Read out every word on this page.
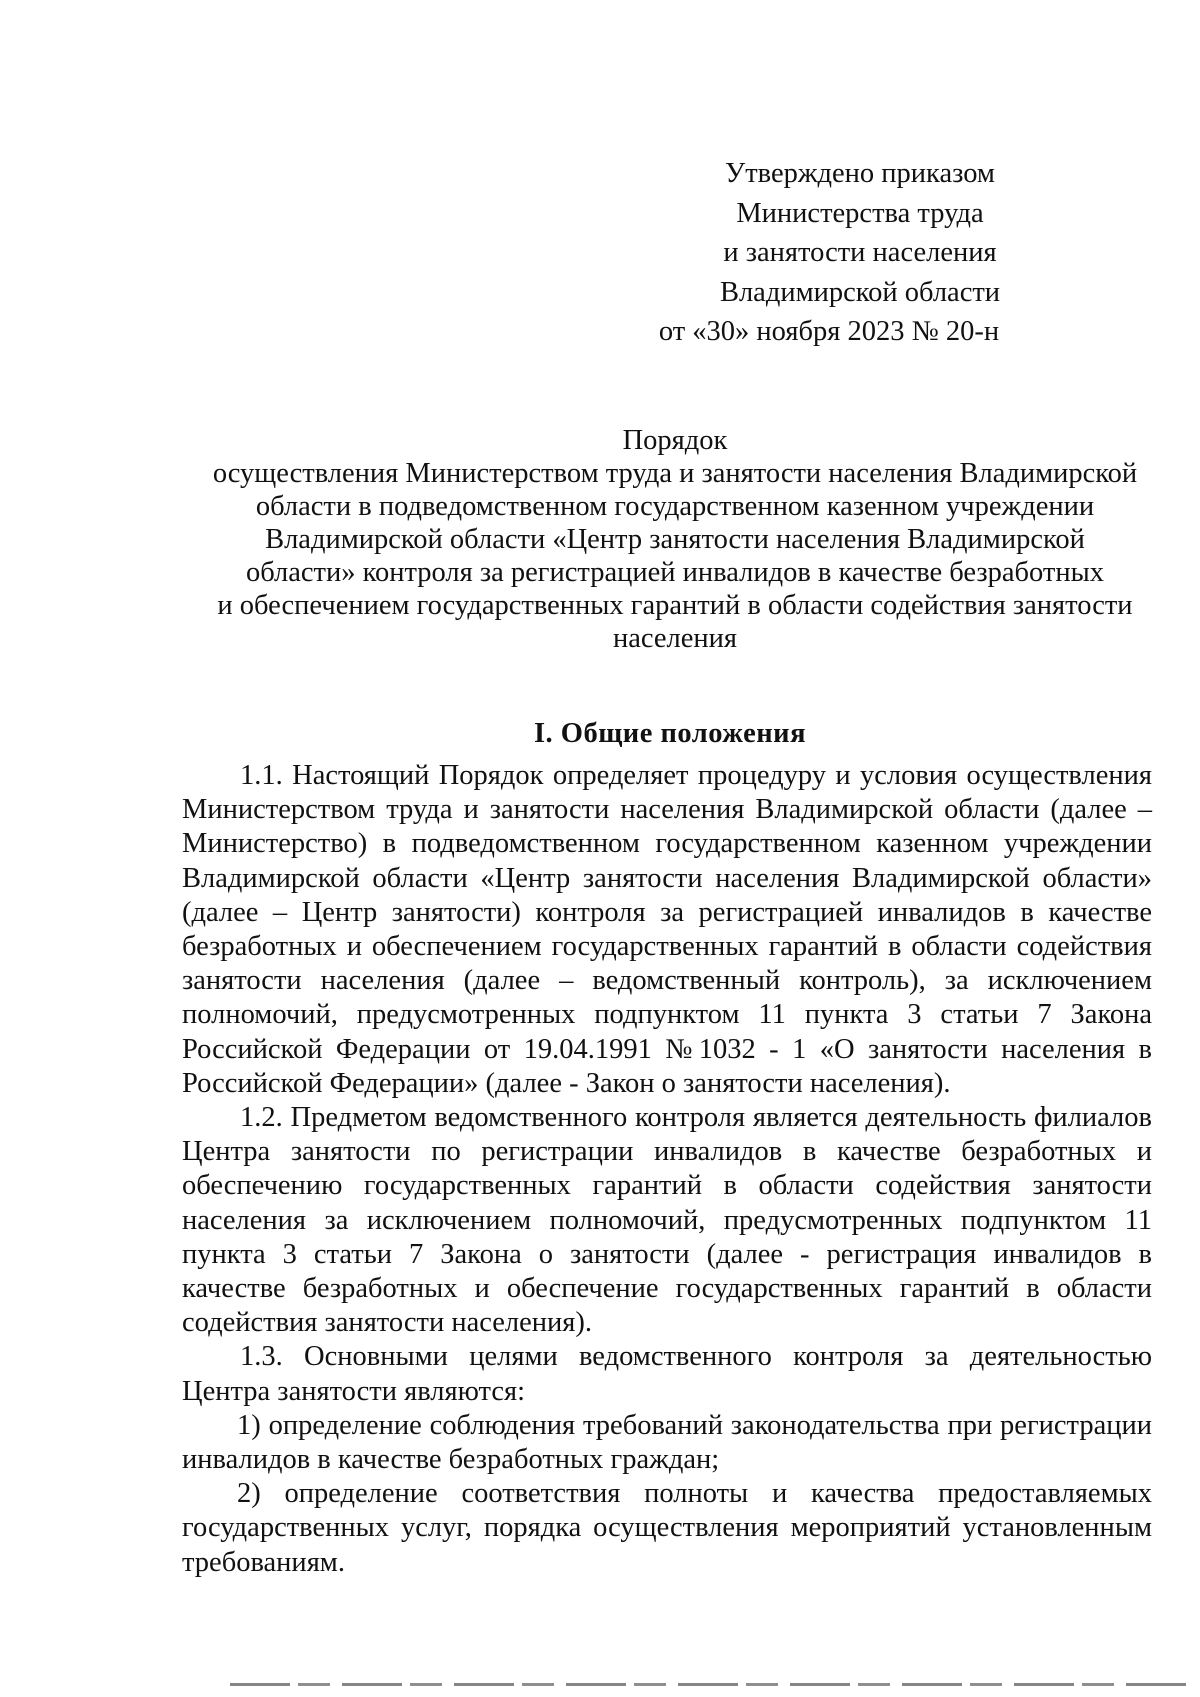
Утверждено приказом
Министерства труда
и занятости населения
Владимирской области
от «30» ноября 2023 № 20-н
Порядок
осуществления Министерством труда и занятости населения Владимирской
области в подведомственном государственном казенном учреждении
Владимирской области «Центр занятости населения Владимирской
области» контроля за регистрацией инвалидов в качестве безработных
и обеспечением государственных гарантий в области содействия занятости
населения
I. Общие положения

1.1. Настоящий Порядок определяет процедуру и условия осуществления Министерством труда и занятости населения Владимирской области (далее – Министерство) в подведомственном государственном казенном учреждении Владимирской области «Центр занятости населения Владимирской области» (далее – Центр занятости) контроля за регистрацией инвалидов в качестве безработных и обеспечением государственных гарантий в области содействия занятости населения (далее – ведомственный контроль), за исключением полномочий, предусмотренных подпунктом 11 пункта 3 статьи 7 Закона Российской Федерации от 19.04.1991 №1032 - 1 «О занятости населения в Российской Федерации» (далее - Закон о занятости населения).

1.2. Предметом ведомственного контроля является деятельность филиалов Центра занятости по регистрации инвалидов в качестве безработных и обеспечению государственных гарантий в области содействия занятости населения за исключением полномочий, предусмотренных подпунктом 11 пункта 3 статьи 7 Закона о занятости (далее - регистрация инвалидов в качестве безработных и обеспечение государственных гарантий в области содействия занятости населения).

1.3. Основными целями ведомственного контроля за деятельностью Центра занятости являются:

1) определение соблюдения требований законодательства при регистрации инвалидов в качестве безработных граждан;

2) определение соответствия полноты и качества предоставляемых государственных услуг, порядка осуществления мероприятий установленным требованиям.
